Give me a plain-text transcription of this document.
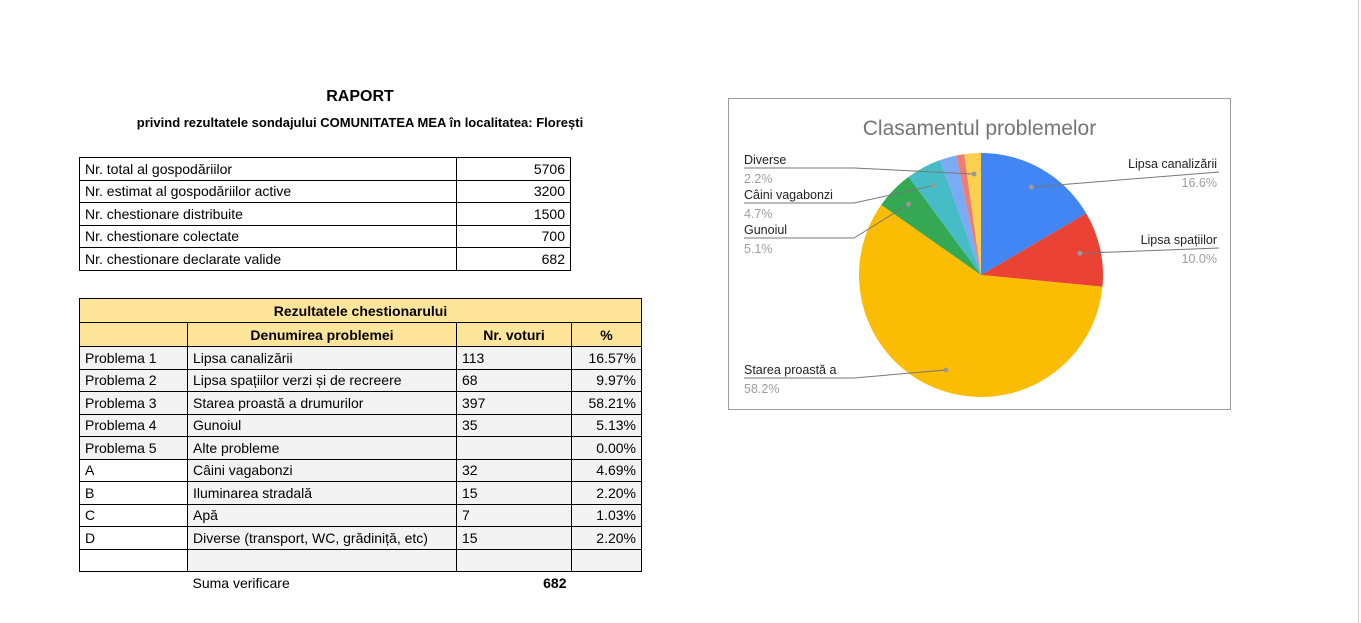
RAPORT
privind rezultatele sondajului COMUNITATEA MEA în localitatea: Florești
Nr. total al gospodăriilor	5706
Nr. estimat al gospodăriilor active	3200
Nr. chestionare distribuite	1500
Nr. chestionare colectate	700
Nr. chestionare declarate valide	682
Rezultatele chestionarului			
	Denumirea problemei	Nr. voturi	%
Problema 1	Lipsa canalizării	113	16.57%
Problema 2	Lipsa spațiilor verzi și de recreere	68	9.97%
Problema 3	Starea proastă a drumurilor	397	58.21%
Problema 4	Gunoiul	35	5.13%
Problema 5	Alte probleme		0.00%
A	Câini vagabonzi	32	4.69%
B	Iluminarea stradală	15	2.20%
C	Apă	7	1.03%
D	Diverse (transport, WC, grădiniță, etc)	15	2.20%

	Suma verificare	682	
Clasamentul problemelor
Lipsa canalizării
16.6%
Lipsa spațiilor
10.0%
Starea proastă a
58.2%
Gunoiul
5.1%
Câini vagabonzi
4.7%
Diverse
2.2%
